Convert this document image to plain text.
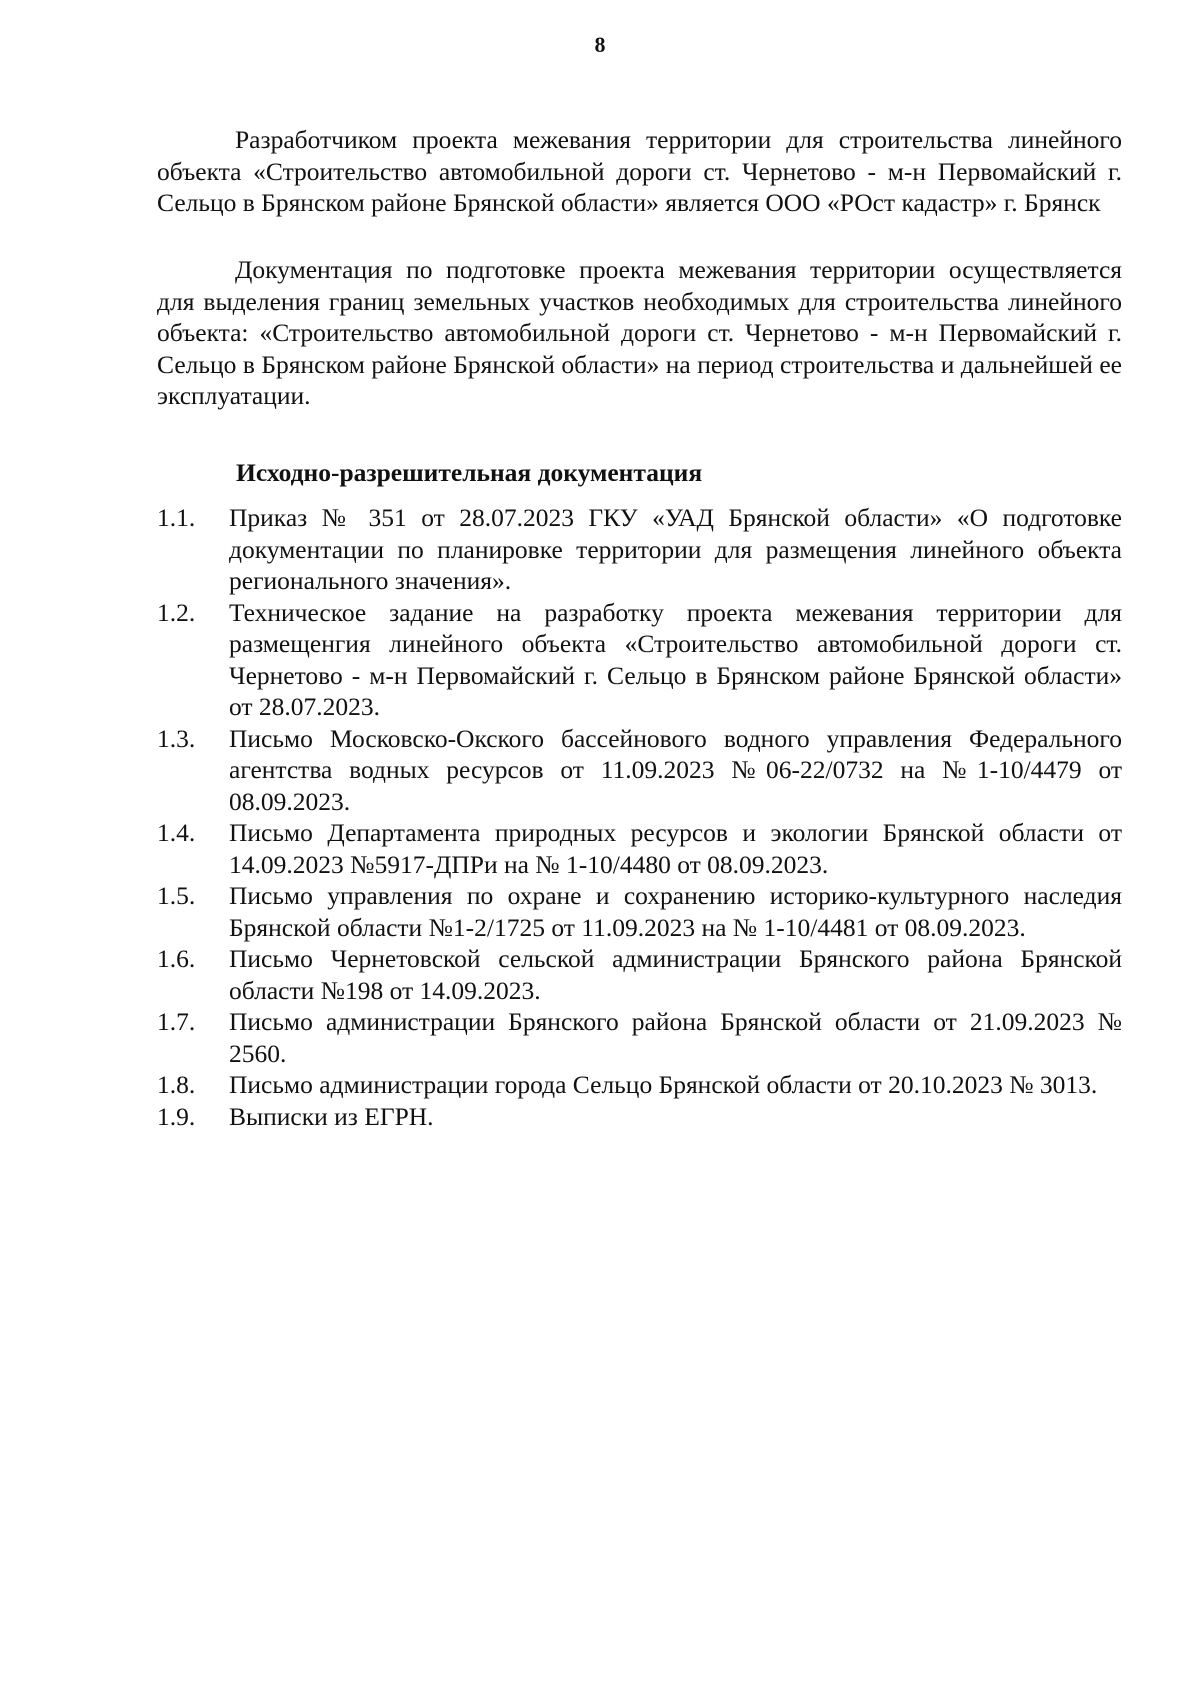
8

Разработчиком проекта межевания территории для строительства линейного объекта «Строительство автомобильной дороги ст. Чернетово - м-н Первомайский г. Сельцо в Брянском районе Брянской области» является ООО «РОст кадастр» г. Брянск

Документация по подготовке проекта межевания территории осуществляется для выделения границ земельных участков необходимых для строительства линейного объекта: «Строительство автомобильной дороги ст. Чернетово - м-н Первомайский г. Сельцо в Брянском районе Брянской области» на период строительства и дальнейшей ее эксплуатации.

Исходно-разрешительная документация
1.1.	Приказ № 351 от 28.07.2023 ГКУ «УАД Брянской области» «О подготовке документации по планировке территории для размещения линейного объекта регионального значения».
1.2.	Техническое задание на разработку проекта межевания территории для размещенгия линейного объекта «Строительство автомобильной дороги ст. Чернетово - м-н Первомайский г. Сельцо в Брянском районе Брянской области» от 28.07.2023.
1.3.	Письмо Московско-Окского бассейнового водного управления Федерального агентства водных ресурсов от 11.09.2023 №06-22/0732 на №1-10/4479 от 08.09.2023.
1.4.	Письмо Департамента природных ресурсов и экологии Брянской области от 14.09.2023 №5917-ДПРи на № 1-10/4480 от 08.09.2023.
1.5.	Письмо управления по охране и сохранению историко-культурного наследия Брянской области №1-2/1725 от 11.09.2023 на № 1-10/4481 от 08.09.2023.
1.6.	Письмо Чернетовской сельской администрации Брянского района Брянской области №198 от 14.09.2023.
1.7.	Письмо администрации Брянского района Брянской области от 21.09.2023 № 2560.
1.8.	Письмо администрации города Сельцо Брянской области от 20.10.2023 № 3013.
1.9.	Выписки из ЕГРН.
